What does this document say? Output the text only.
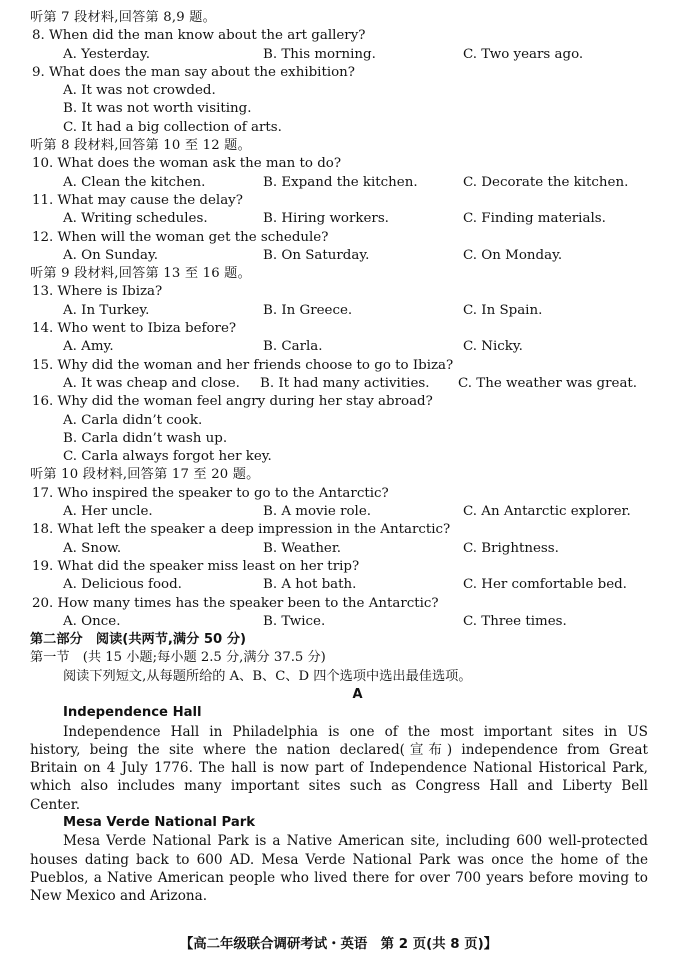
听第 7 段材料,回答第 8,9 题。
8. When did the man know about the art gallery?
A. Yesterday.	B. This morning.	C. Two years ago.
9. What does the man say about the exhibition?
A. It was not crowded.
B. It was not worth visiting.
C. It had a big collection of arts.
听第 8 段材料,回答第 10 至 12 题。
10. What does the woman ask the man to do?
A. Clean the kitchen.	B. Expand the kitchen.	C. Decorate the kitchen.
11. What may cause the delay?
A. Writing schedules.	B. Hiring workers.	C. Finding materials.
12. When will the woman get the schedule?
A. On Sunday.	B. On Saturday.	C. On Monday.
听第 9 段材料,回答第 13 至 16 题。
13. Where is Ibiza?
A. In Turkey.	B. In Greece.	C. In Spain.
14. Who went to Ibiza before?
A. Amy.	B. Carla.	C. Nicky.
15. Why did the woman and her friends choose to go to Ibiza?
A. It was cheap and close. B. It had many activities. C. The weather was great.
16. Why did the woman feel angry during her stay abroad?
A. Carla didn’t cook.
B. Carla didn’t wash up.
C. Carla always forgot her key.
听第 10 段材料,回答第 17 至 20 题。
17. Who inspired the speaker to go to the Antarctic?
A. Her uncle.	B. A movie role.	C. An Antarctic explorer.
18. What left the speaker a deep impression in the Antarctic?
A. Snow.	B. Weather.	C. Brightness.
19. What did the speaker miss least on her trip?
A. Delicious food.	B. A hot bath.	C. Her comfortable bed.
20. How many times has the speaker been to the Antarctic?
A. Once.	B. Twice.	C. Three times.
第二部分　阅读(共两节,满分 50 分)
第一节　(共 15 小题;每小题 2.5 分,满分 37.5 分)
阅读下列短文,从每题所给的 A、B、C、D 四个选项中选出最佳选项。
A
Independence Hall
Independence Hall in Philadelphia is one of the most important sites in US
history, being the site where the nation declared(宣布) independence from Great
Britain on 4 July 1776. The hall is now part of Independence National Historical Park,
which also includes many important sites such as Congress Hall and Liberty Bell
Center.
Mesa Verde National Park
Mesa Verde National Park is a Native American site, including 600 well-protected
houses dating back to 600 AD. Mesa Verde National Park was once the home of the
Pueblos, a Native American people who lived there for over 700 years before moving to
New Mexico and Arizona.
【高二年级联合调研考试・英语　第 2 页(共 8 页)】
